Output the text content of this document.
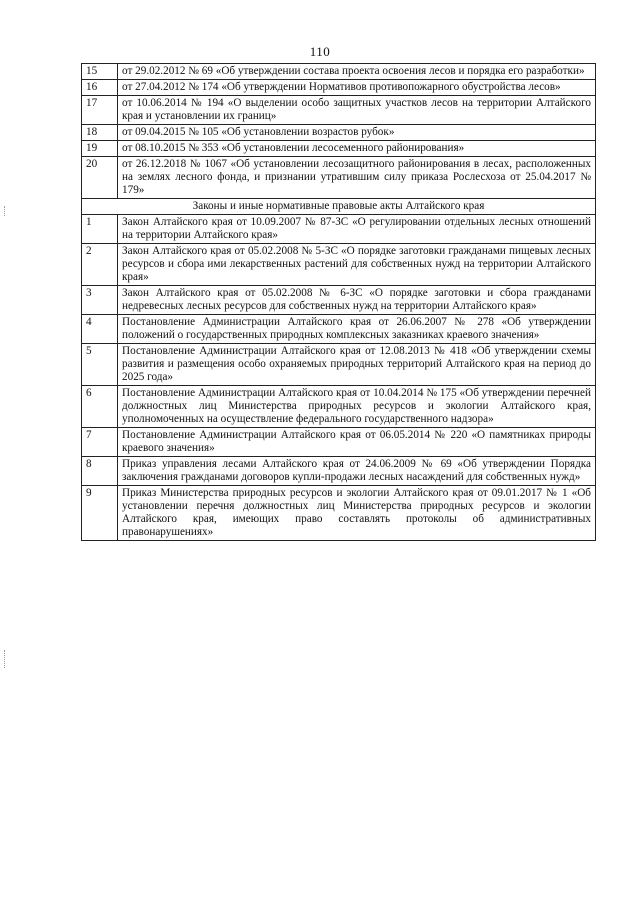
110
15	от 29.02.2012 № 69 «Об утверждении состава проекта освоения лесов и порядка его разработки»
16	от 27.04.2012 № 174 «Об утверждении Нормативов противопожарного обустройства лесов»
17	от 10.06.2014 № 194 «О выделении особо защитных участков лесов на территории Алтайского края и установлении их границ»
18	от 09.04.2015 № 105 «Об установлении возрастов рубок»
19	от 08.10.2015 № 353 «Об установлении лесосеменного районирования»
20	от 26.12.2018 № 1067 «Об установлении лесозащитного районирования в лесах, расположенных на землях лесного фонда, и признании утратившим силу приказа Рослесхоза от 25.04.2017 № 179»
Законы и иные нормативные правовые акты Алтайского края	
1	Закон Алтайского края от 10.09.2007 № 87-ЗС «О регулировании отдельных лесных отношений на территории Алтайского края»
2	Закон Алтайского края от 05.02.2008 № 5-ЗС «О порядке заготовки гражданами пищевых лесных ресурсов и сбора ими лекарственных растений для собственных нужд на территории Алтайского края»
3	Закон Алтайского края от 05.02.2008 № 6-ЗС «О порядке заготовки и сбора гражданами недревесных лесных ресурсов для собственных нужд на территории Алтайского края»
4	Постановление Администрации Алтайского края от 26.06.2007 № 278 «Об утверждении положений о государственных природных комплексных заказниках краевого значения»
5	Постановление Администрации Алтайского края от 12.08.2013 № 418 «Об утверждении схемы развития и размещения особо охраняемых природных территорий Алтайского края на период до 2025 года»
6	Постановление Администрации Алтайского края от 10.04.2014 № 175 «Об утверждении перечней должностных лиц Министерства природных ресурсов и экологии Алтайского края, уполномоченных на осуществление федерального государственного надзора»
7	Постановление Администрации Алтайского края от 06.05.2014 № 220 «О памятниках природы краевого значения»
8	Приказ управления лесами Алтайского края от 24.06.2009 № 69 «Об утверждении Порядка заключения гражданами договоров купли-продажи лесных насаждений для собственных нужд»
9	Приказ Министерства природных ресурсов и экологии Алтайского края от 09.01.2017 № 1 «Об установлении перечня должностных лиц Министерства природных ресурсов и экологии Алтайского края, имеющих право составлять протоколы об административных правонарушениях»
